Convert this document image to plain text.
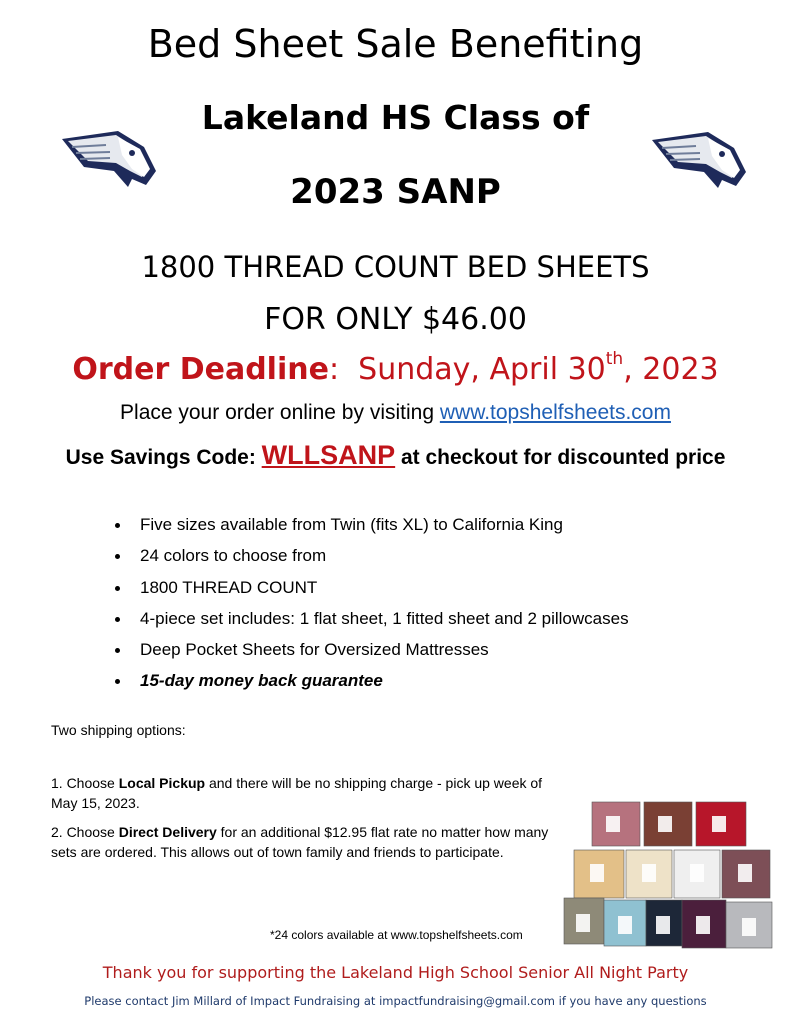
Bed Sheet Sale Benefiting
Lakeland HS Class of
2023 SANP
1800 THREAD COUNT BED SHEETS
FOR ONLY $46.00
Order Deadline: Sunday, April 30th, 2023
Place your order online by visiting www.topshelfsheets.com
Use Savings Code: WLLSANP at checkout for discounted price
Five sizes available from Twin (fits XL) to California King
24 colors to choose from
1800 THREAD COUNT
4-piece set includes: 1 flat sheet, 1 fitted sheet and 2 pillowcases
Deep Pocket Sheets for Oversized Mattresses
15-day money back guarantee
Two shipping options:
1. Choose Local Pickup and there will be no shipping charge - pick up week of May 15, 2023.
2. Choose Direct Delivery for an additional $12.95 flat rate no matter how many sets are ordered. This allows out of town family and friends to participate.
*24 colors available at www.topshelfsheets.com
Thank you for supporting the Lakeland High School Senior All Night Party
Please contact Jim Millard of Impact Fundraising at impactfundraising@gmail.com if you have any questions
